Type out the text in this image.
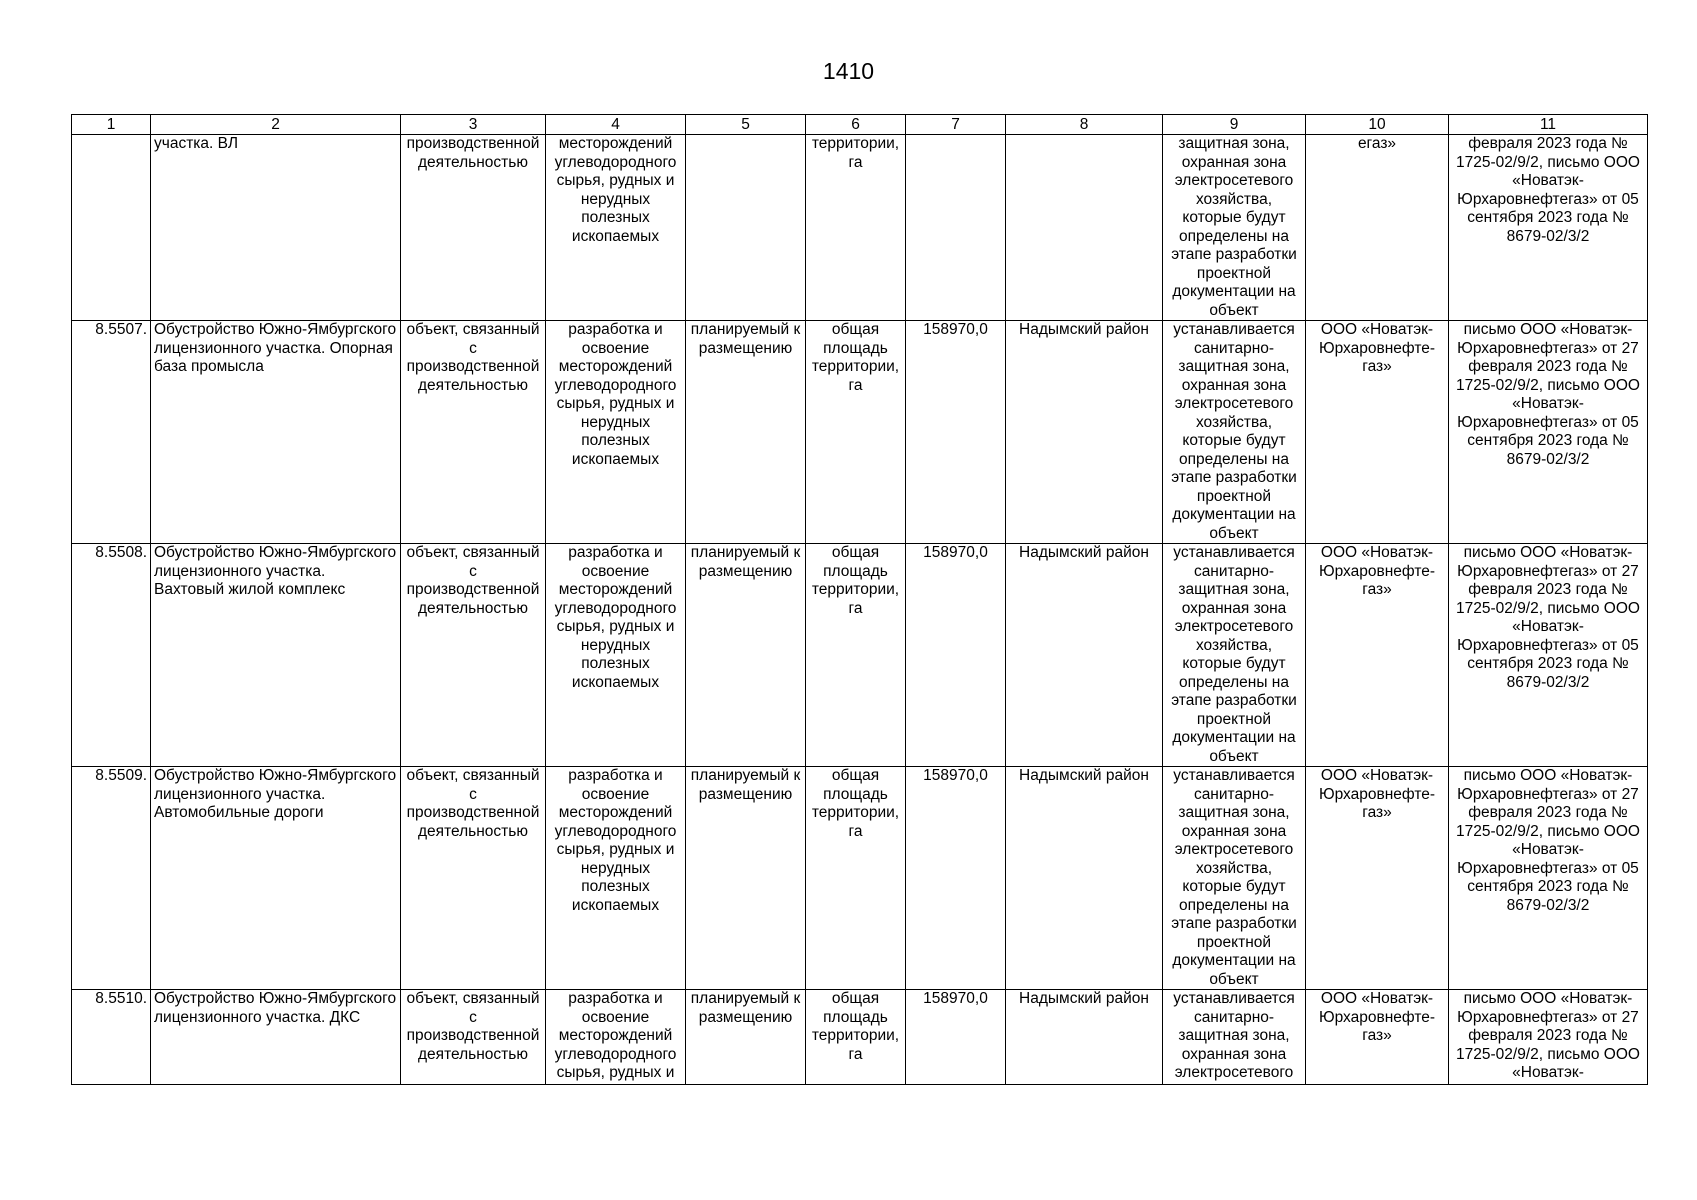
1410
1	2	3	4	5	6	7	8	9	10	11
	участка. ВЛ	производственной деятельностью	месторождений углеводородного сырья, рудных и нерудных полезных ископаемых		территории, га			защитная зона, охранная зона электросетевого хозяйства, которые будут определены на этапе разработки проектной документации на объект	егаз»	февраля 2023 года № 1725-02/9/2, письмо ООО «Новатэк-Юрхаровнефтегаз» от 05 сентября 2023 года № 8679-02/3/2
8.5507.	Обустройство Южно-Ямбургского лицензионного участка. Опорная база промысла	объект, связанный с производственной деятельностью	разработка и освоение месторождений углеводородного сырья, рудных и нерудных полезных ископаемых	планируемый к размещению	общая площадь территории, га	158970,0	Надымский район	устанавливается санитарно-защитная зона, охранная зона электросетевого хозяйства, которые будут определены на этапе разработки проектной документации на объект	ООО «Новатэк-Юрхаровнефте-газ»	письмо ООО «Новатэк-Юрхаровнефтегаз» от 27 февраля 2023 года № 1725-02/9/2, письмо ООО «Новатэк-Юрхаровнефтегаз» от 05 сентября 2023 года № 8679-02/3/2
8.5508.	Обустройство Южно-Ямбургского лицензионного участка. Вахтовый жилой комплекс	объект, связанный с производственной деятельностью	разработка и освоение месторождений углеводородного сырья, рудных и нерудных полезных ископаемых	планируемый к размещению	общая площадь территории, га	158970,0	Надымский район	устанавливается санитарно-защитная зона, охранная зона электросетевого хозяйства, которые будут определены на этапе разработки проектной документации на объект	ООО «Новатэк-Юрхаровнефте-газ»	письмо ООО «Новатэк-Юрхаровнефтегаз» от 27 февраля 2023 года № 1725-02/9/2, письмо ООО «Новатэк-Юрхаровнефтегаз» от 05 сентября 2023 года № 8679-02/3/2
8.5509.	Обустройство Южно-Ямбургского лицензионного участка. Автомобильные дороги	объект, связанный с производственной деятельностью	разработка и освоение месторождений углеводородного сырья, рудных и нерудных полезных ископаемых	планируемый к размещению	общая площадь территории, га	158970,0	Надымский район	устанавливается санитарно-защитная зона, охранная зона электросетевого хозяйства, которые будут определены на этапе разработки проектной документации на объект	ООО «Новатэк-Юрхаровнефте-газ»	письмо ООО «Новатэк-Юрхаровнефтегаз» от 27 февраля 2023 года № 1725-02/9/2, письмо ООО «Новатэк-Юрхаровнефтегаз» от 05 сентября 2023 года № 8679-02/3/2
8.5510.	Обустройство Южно-Ямбургского лицензионного участка. ДКС	объект, связанный с производственной деятельностью	разработка и освоение месторождений углеводородного сырья, рудных и	планируемый к размещению	общая площадь территории, га	158970,0	Надымский район	устанавливается санитарно-защитная зона, охранная зона электросетевого	ООО «Новатэк-Юрхаровнефте-газ»	письмо ООО «Новатэк-Юрхаровнефтегаз» от 27 февраля 2023 года № 1725-02/9/2, письмо ООО «Новатэк-
